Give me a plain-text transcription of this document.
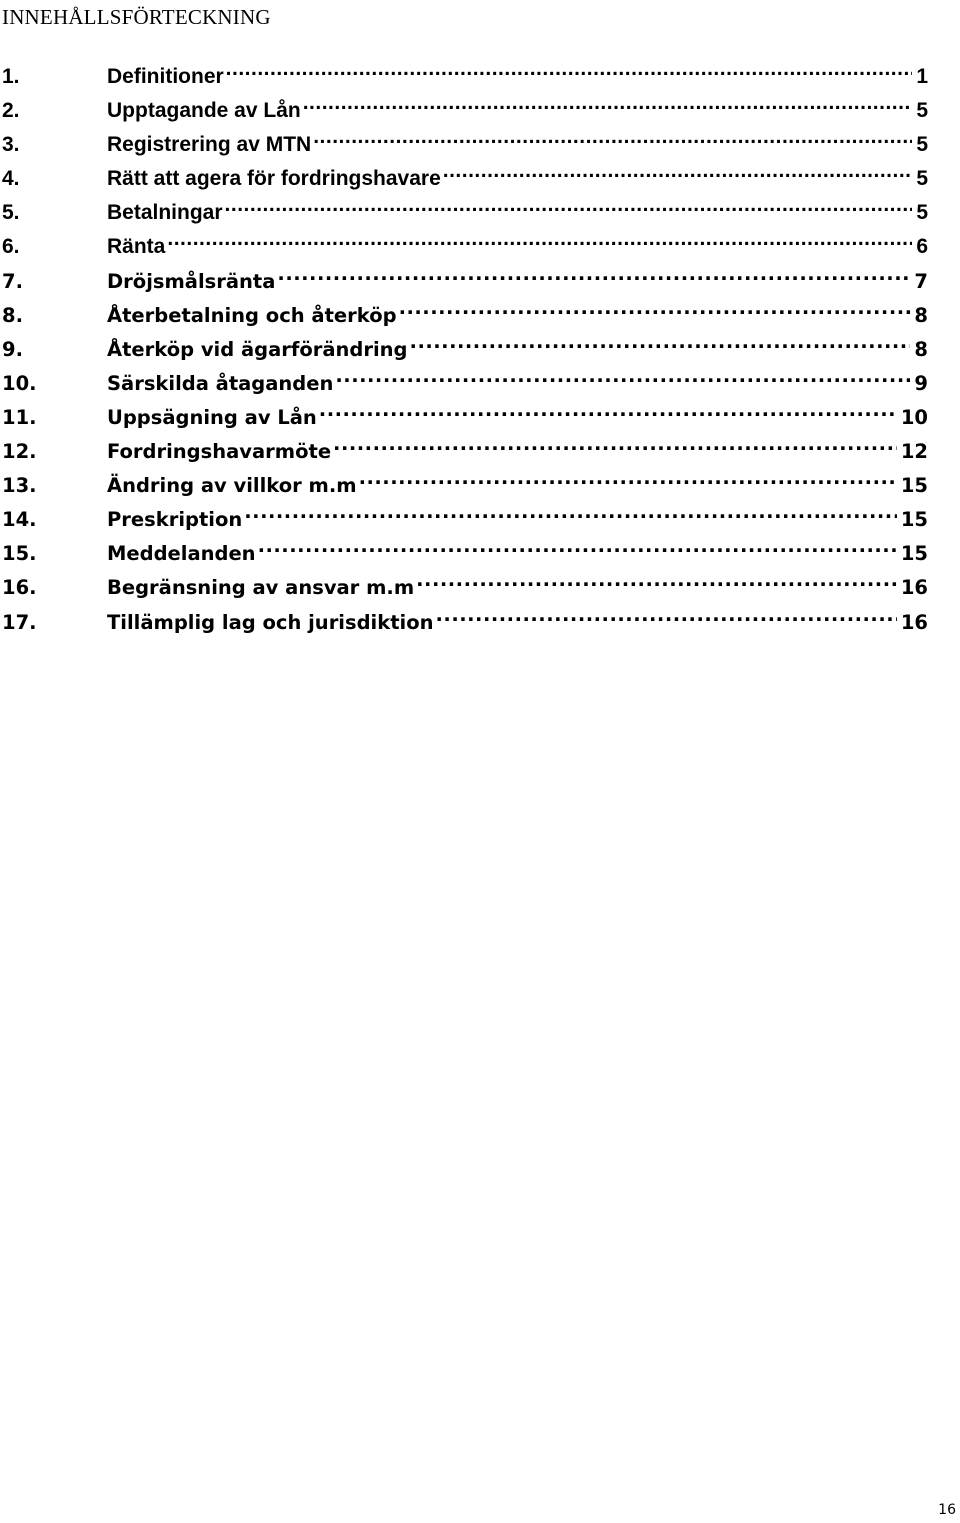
INNEHÅLLSFÖRTECKNING
1.	Definitioner .....	1
2.	Upptagande av Lån .....	5
3.	Registrering av MTN .....	5
4.	Rätt att agera för fordringshavare .....	5
5.	Betalningar .....	5
6.	Ränta .....	6
7.	Dröjsmålsränta .....	7
8.	Återbetalning och återköp .....	8
9.	Återköp vid ägarförändring .....	8
10.	Särskilda åtaganden .....	9
11.	Uppsägning av Lån .....	10
12.	Fordringshavarmöte .....	12
13.	Ändring av villkor m.m .....	15
14.	Preskription .....	15
15.	Meddelanden .....	15
16.	Begränsning av ansvar m.m .....	16
17.	Tillämplig lag och jurisdiktion .....	16
16
